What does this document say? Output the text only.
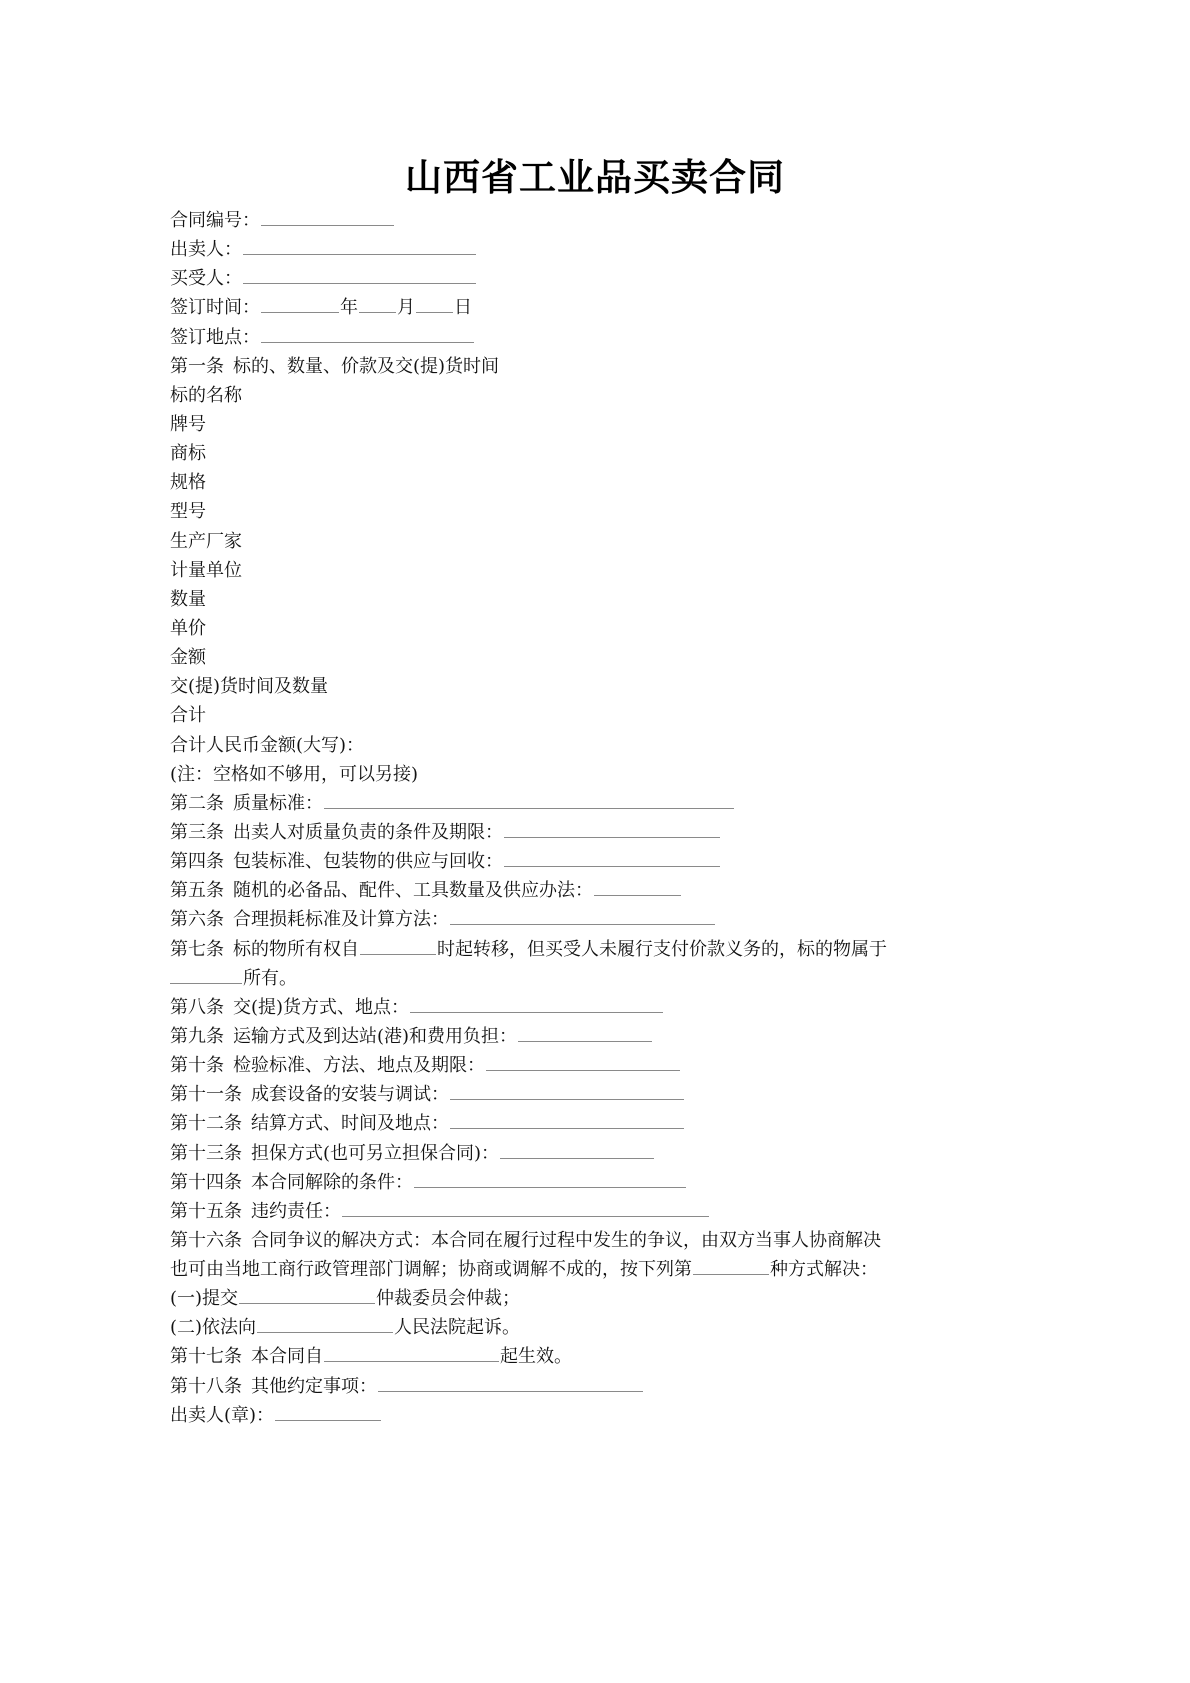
山西省工业品买卖合同
合同编号：
出卖人：
买受人：
签订时间：	年 月 日
签订地点：
第一条 标的、数量、价款及交(提)货时间
标的名称
牌号
商标
规格
型号
生产厂家
计量单位
数量
单价
金额
交(提)货时间及数量
合计
合计人民币金额(大写)：
(注：空格如不够用，可以另接)
第二条 质量标准：
第三条 出卖人对质量负责的条件及期限：
第四条 包装标准、包装物的供应与回收：
第五条 随机的必备品、配件、工具数量及供应办法：
第六条 合理损耗标准及计算方法：
第七条 标的物所有权自	时起转移，但买受人未履行支付价款义务的，标的物属于
所有。
第八条 交(提)货方式、地点：
第九条 运输方式及到达站(港)和费用负担：
第十条 检验标准、方法、地点及期限：
第十一条 成套设备的安装与调试：
第十二条 结算方式、时间及地点：
第十三条 担保方式(也可另立担保合同)：
第十四条 本合同解除的条件：
第十五条 违约责任：
第十六条 合同争议的解决方式：本合同在履行过程中发生的争议，由双方当事人协商解决
也可由当地工商行政管理部门调解；协商或调解不成的，按下列第	种方式解决：
(一)提交	仲裁委员会仲裁；
(二)依法向	人民法院起诉。
第十七条 本合同自	起生效。
第十八条 其他约定事项：
出卖人(章)：
